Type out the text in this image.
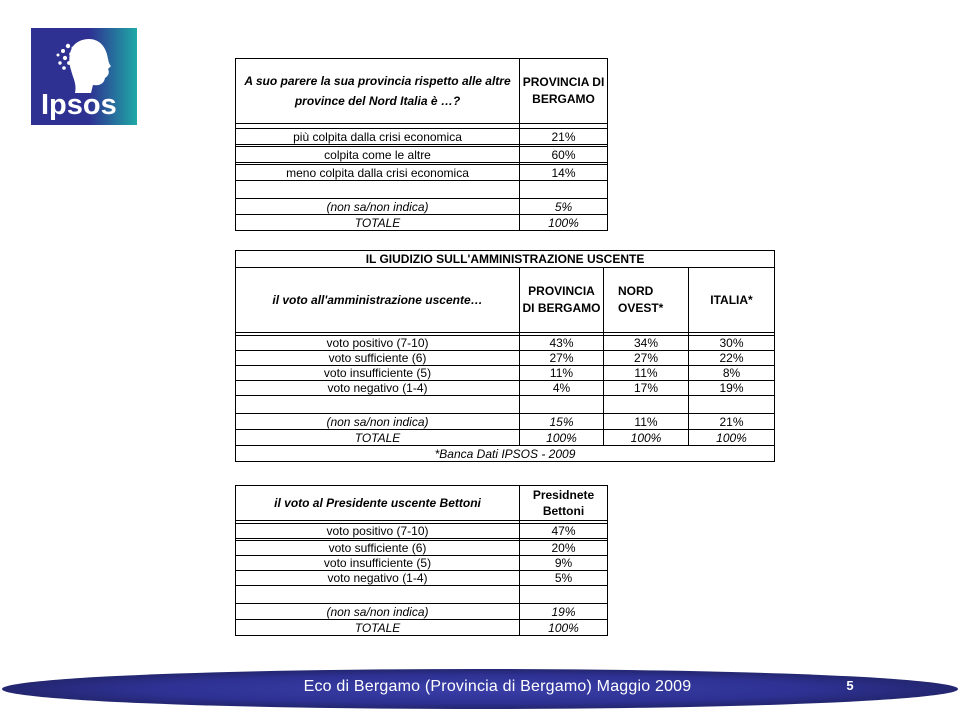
Ipsos
A suo parere la sua provincia rispetto alle altre province del Nord Italia è …?	PROVINCIA DI BERGAMO

più colpita dalla crisi economica	21%

colpita come le altre	60%

meno colpita dalla crisi economica	14%

(non sa/non indica)	5%
TOTALE	100%
IL GIUDIZIO SULL'AMMINISTRAZIONE USCENTE			
il voto all'amministrazione uscente…	PROVINCIA DI BERGAMO	NORD OVEST*	ITALIA*

voto positivo (7-10)	43%	34%	30%
voto sufficiente (6)	27%	27%	22%
voto insufficiente (5)	11%	11%	8%
voto negativo (1-4)	4%	17%	19%

(non sa/non indica)	15%	11%	21%
TOTALE	100%	100%	100%
*Banca Dati IPSOS - 2009			
il voto al Presidente uscente Bettoni	Presidnete Bettoni

voto positivo (7-10)	47%

voto sufficiente (6)	20%
voto insufficiente (5)	9%
voto negativo (1-4)	5%

(non sa/non indica)	19%
TOTALE	100%
Eco di Bergamo (Provincia di Bergamo) Maggio 2009	5
